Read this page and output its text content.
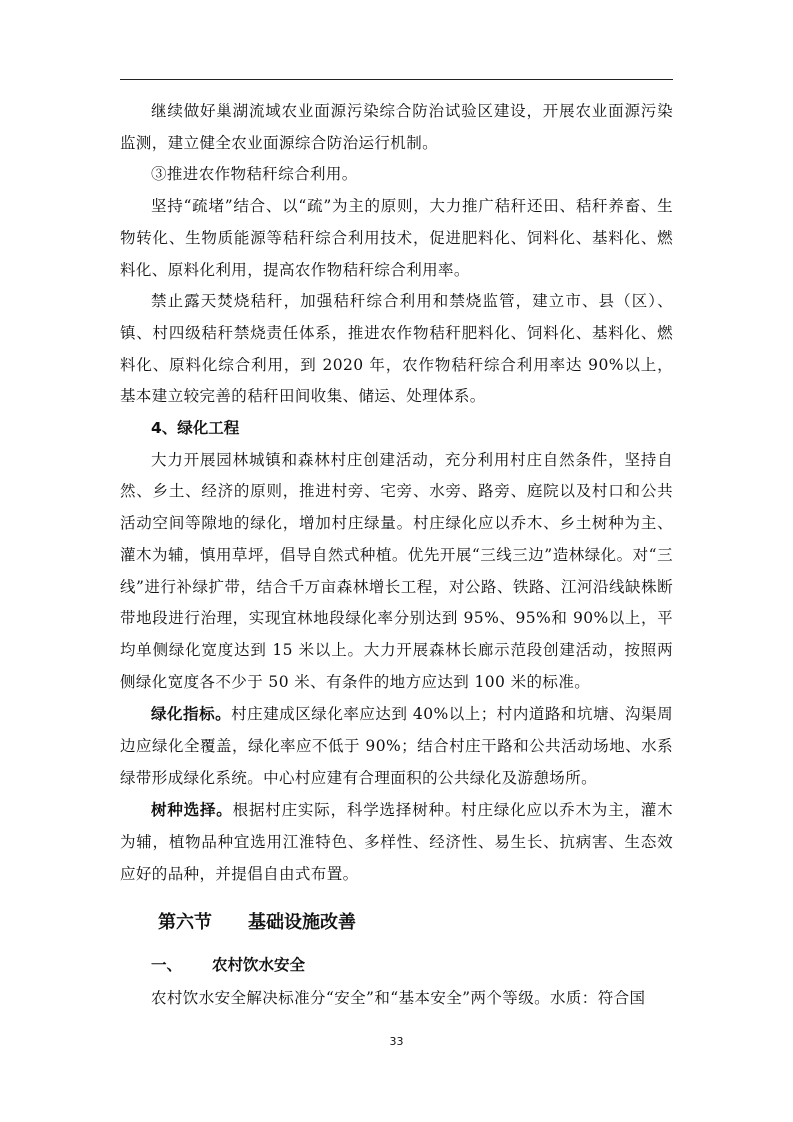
继续做好巢湖流域农业面源污染综合防治试验区建设，开展农业面源污染监测，建立健全农业面源综合防治运行机制。

③推进农作物秸秆综合利用。

坚持“疏堵”结合、以“疏”为主的原则，大力推广秸秆还田、秸秆养畜、生物转化、生物质能源等秸秆综合利用技术，促进肥料化、饲料化、基料化、燃料化、原料化利用，提高农作物秸秆综合利用率。

禁止露天焚烧秸秆，加强秸秆综合利用和禁烧监管，建立市、县（区）、镇、村四级秸秆禁烧责任体系，推进农作物秸秆肥料化、饲料化、基料化、燃料化、原料化综合利用，到 2020 年，农作物秸秆综合利用率达 90%以上，基本建立较完善的秸秆田间收集、储运、处理体系。

4、绿化工程

大力开展园林城镇和森林村庄创建活动，充分利用村庄自然条件，坚持自然、乡土、经济的原则，推进村旁、宅旁、水旁、路旁、庭院以及村口和公共活动空间等隙地的绿化，增加村庄绿量。村庄绿化应以乔木、乡土树种为主、灌木为辅，慎用草坪，倡导自然式种植。优先开展“三线三边”造林绿化。对“三线”进行补绿扩带，结合千万亩森林增长工程，对公路、铁路、江河沿线缺株断带地段进行治理，实现宜林地段绿化率分别达到 95%、95%和 90%以上，平均单侧绿化宽度达到 15 米以上。大力开展森林长廊示范段创建活动，按照两侧绿化宽度各不少于 50 米、有条件的地方应达到 100 米的标准。

绿化指标。村庄建成区绿化率应达到 40%以上；村内道路和坑塘、沟渠周边应绿化全覆盖，绿化率应不低于 90%；结合村庄干路和公共活动场地、水系绿带形成绿化系统。中心村应建有合理面积的公共绿化及游憩场所。

树种选择。根据村庄实际，科学选择树种。村庄绿化应以乔木为主，灌木为辅，植物品种宜选用江淮特色、多样性、经济性、易生长、抗病害、生态效应好的品种，并提倡自由式布置。

第六节 基础设施改善

一、 农村饮水安全

农村饮水安全解决标准分“安全”和“基本安全”两个等级。水质：符合国

33
